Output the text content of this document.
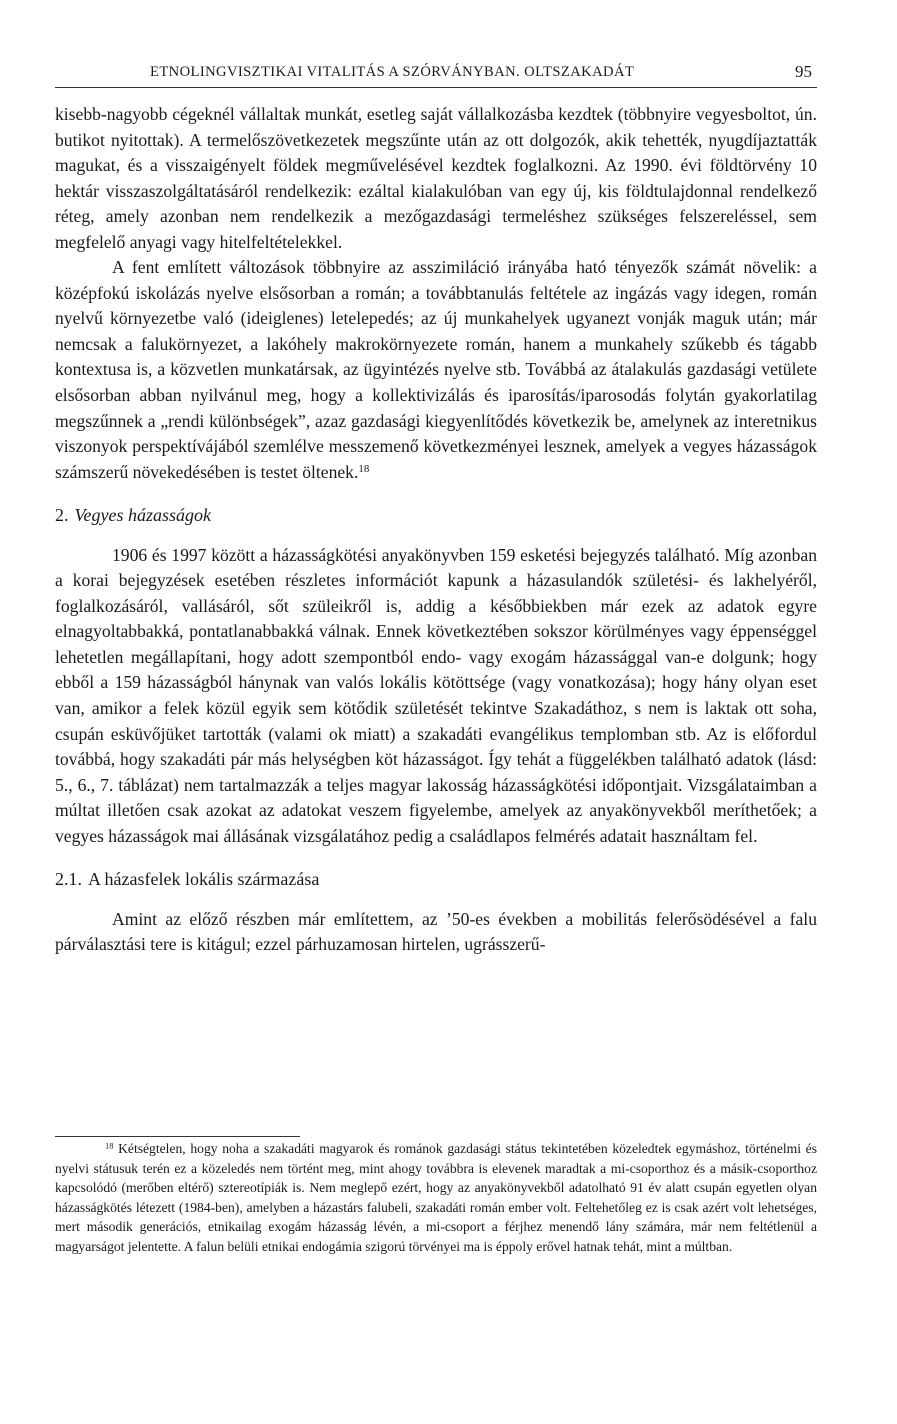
ETNOLINGVISZTIKAI VITALITÁS A SZÓRVÁNYBAN. OLTSZAKADÁT	95

kisebb-nagyobb cégeknél vállaltak munkát, esetleg saját vállalkozásba kezdtek (többnyire vegyesboltot, ún. butikot nyitottak). A termelőszövetkezetek megszűnte után az ott dolgozók, akik tehették, nyugdíjaztatták magukat, és a visszaigényelt földek megművelésével kezdtek foglalkozni. Az 1990. évi földtörvény 10 hektár visszaszolgáltatásáról rendelkezik: ezáltal kialakulóban van egy új, kis földtulajdonnal rendelkező réteg, amely azonban nem rendelkezik a mezőgazdasági termeléshez szükséges felszereléssel, sem megfelelő anyagi vagy hitelfeltételekkel.

A fent említett változások többnyire az asszimiláció irányába ható tényezők számát növelik: a középfokú iskolázás nyelve elsősorban a román; a továbbtanulás feltétele az ingázás vagy idegen, román nyelvű környezetbe való (ideiglenes) letelepedés; az új munkahelyek ugyanezt vonják maguk után; már nemcsak a falukörnyezet, a lakóhely makrokörnyezete román, hanem a munkahely szűkebb és tágabb kontextusa is, a közvetlen munkatársak, az ügyintézés nyelve stb. Továbbá az átalakulás gazdasági vetülete elsősorban abban nyilvánul meg, hogy a kollektivizálás és iparosítás/iparosodás folytán gyakorlatilag megszűnnek a „rendi különbségek”, azaz gazdasági kiegyenlítődés következik be, amelynek az interetnikus viszonyok perspektívájából szemlélve messzemenő következményei lesznek, amelyek a vegyes házasságok számszerű növekedésében is testet öltenek.$^{18}$

2. Vegyes házasságok

1906 és 1997 között a házasságkötési anyakönyvben 159 esketési bejegyzés található. Míg azonban a korai bejegyzések esetében részletes információt kapunk a házasulandók születési- és lakhelyéről, foglalkozásáról, vallásáról, sőt szüleikről is, addig a későbbiekben már ezek az adatok egyre elnagyoltabbakká, pontatlanabbakká válnak. Ennek következtében sokszor körülményes vagy éppenséggel lehetetlen megállapítani, hogy adott szempontból endo- vagy exogám házassággal van-e dolgunk; hogy ebből a 159 házasságból hánynak van valós lokális kötöttsége (vagy vonatkozása); hogy hány olyan eset van, amikor a felek közül egyik sem kötődik születését tekintve Szakadáthoz, s nem is laktak ott soha, csupán esküvőjüket tartották (valami ok miatt) a szakadáti evangélikus templomban stb. Az is előfordul továbbá, hogy szakadáti pár más helységben köt házasságot. Így tehát a függelékben található adatok (lásd: 5., 6., 7. táblázat) nem tartalmazzák a teljes magyar lakosság házasságkötési időpontjait. Vizsgálataimban a múltat illetően csak azokat az adatokat veszem figyelembe, amelyek az anyakönyvekből meríthetőek; a vegyes házasságok mai állásának vizsgálatához pedig a családlapos felmérés adatait használtam fel.

2.1. A házasfelek lokális származása

Amint az előző részben már említettem, az ’50-es években a mobilitás felerősödésével a falu párválasztási tere is kitágul; ezzel párhuzamosan hirtelen, ugrásszerű-

$^{18}$ Kétségtelen, hogy noha a szakadáti magyarok és románok gazdasági státus tekintetében közeledtek egymáshoz, történelmi és nyelvi státusuk terén ez a közeledés nem történt meg, mint ahogy továbbra is elevenek maradtak a mi-csoporthoz és a másik-csoporthoz kapcsolódó (merőben eltérő) sztereotípiák is. Nem meglepő ezért, hogy az anyakönyvekből adatolható 91 év alatt csupán egyetlen olyan házasságkötés létezett (1984-ben), amelyben a házastárs falubeli, szakadáti román ember volt. Feltehetőleg ez is csak azért volt lehetséges, mert második generációs, etnikailag exogám házasság lévén, a mi-csoport a férjhez menendő lány számára, már nem feltétlenül a magyarságot jelentette. A falun belüli etnikai endogámia szigorú törvényei ma is éppoly erővel hatnak tehát, mint a múltban.
